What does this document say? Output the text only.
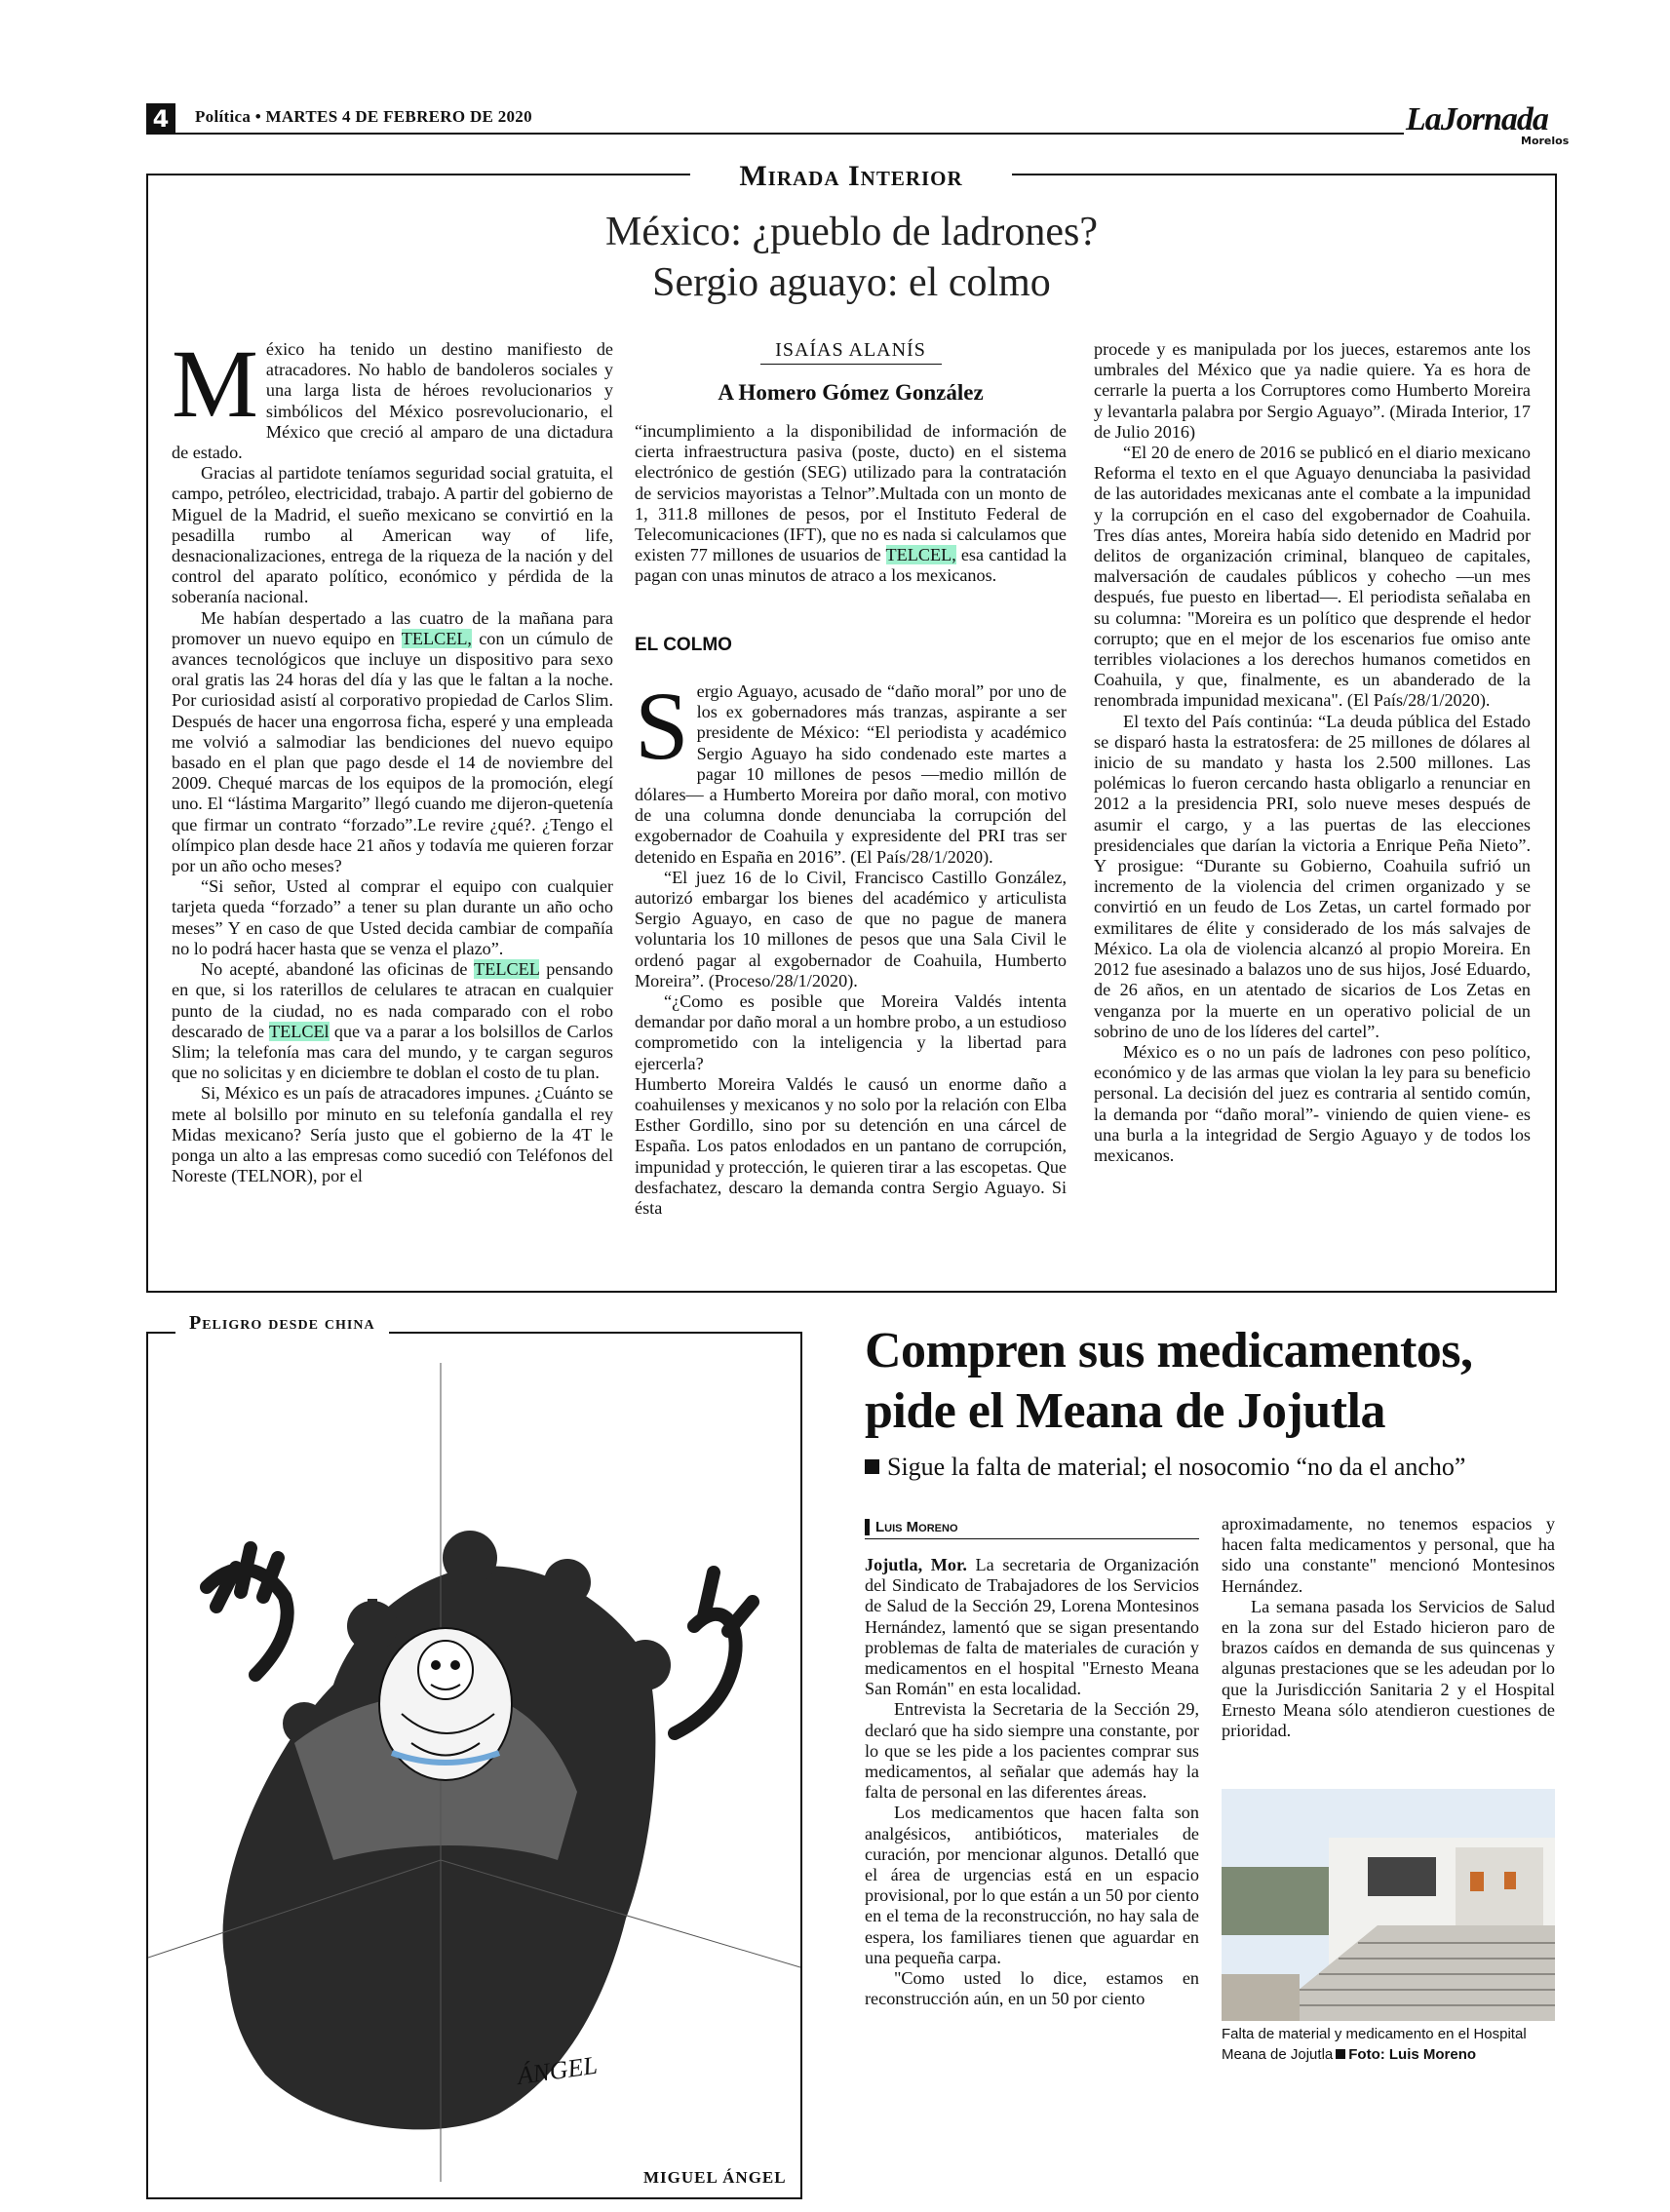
4	Política • MARTES 4 DE FEBRERO DE 2020	LaJornada
Morelos
Mirada Interior
México: ¿pueblo de ladrones?
Sergio aguayo: el colmo

México ha tenido un destino manifiesto de atracadores. No hablo de bandoleros sociales y una larga lista de héroes revolucionarios y simbólicos del México posrevolucionario, el México que creció al amparo de una dictadura de estado.

Gracias al partidote teníamos seguridad social gratuita, el campo, petróleo, electricidad, trabajo. A partir del gobierno de Miguel de la Madrid, el sueño mexicano se convirtió en la pesadilla rumbo al American way of life, desnacionalizaciones, entrega de la riqueza de la nación y del control del aparato político, económico y pérdida de la soberanía nacional.

Me habían despertado a las cuatro de la mañana para promover un nuevo equipo en TELCEL, con un cúmulo de avances tecnológicos que incluye un dispositivo para sexo oral gratis las 24 horas del día y las que le faltan a la noche. Por curiosidad asistí al corporativo propiedad de Carlos Slim. Después de hacer una engorrosa ficha, esperé y una empleada me volvió a salmodiar las bendiciones del nuevo equipo basado en el plan que pago desde el 14 de noviembre del 2009. Chequé marcas de los equipos de la promoción, elegí uno. El “lástima Margarito” llegó cuando me dijeron-quetenía que firmar un contrato “forzado”.Le revire ¿qué?. ¿Tengo el olímpico plan desde hace 21 años y todavía me quieren forzar por un año ocho meses?

“Si señor, Usted al comprar el equipo con cualquier tarjeta queda “forzado” a tener su plan durante un año ocho meses” Y en caso de que Usted decida cambiar de compañía no lo podrá hacer hasta que se venza el plazo”.

No acepté, abandoné las oficinas de TELCEL pensando en que, si los raterillos de celulares te atracan en cualquier punto de la ciudad, no es nada comparado con el robo descarado de TELCEl que va a parar a los bolsillos de Carlos Slim; la telefonía mas cara del mundo, y te cargan seguros que no solicitas y en diciembre te doblan el costo de tu plan.

Si, México es un país de atracadores impunes. ¿Cuánto se mete al bolsillo por minuto en su telefonía gandalla el rey Midas mexicano? Sería justo que el gobierno de la 4T le ponga un alto a las empresas como sucedió con Teléfonos del Noreste (TELNOR), por el

ISAÍAS ALANÍS
A Homero Gómez González

“incumplimiento a la disponibilidad de información de cierta infraestructura pasiva (poste, ducto) en el sistema electrónico de gestión (SEG) utilizado para la contratación de servicios mayoristas a Telnor”.Multada con un monto de 1, 311.8 millones de pesos, por el Instituto Federal de Telecomunicaciones (IFT), que no es nada si calculamos que existen 77 millones de usuarios de TELCEL, esa cantidad la pagan con unas minutos de atraco a los mexicanos.

EL COLMO

Sergio Aguayo, acusado de “daño moral” por uno de los ex gobernadores más tranzas, aspirante a ser presidente de México: “El periodista y académico Sergio Aguayo ha sido condenado este martes a pagar 10 millones de pesos —medio millón de dólares— a Humberto Moreira por daño moral, con motivo de una columna donde denunciaba la corrupción del exgobernador de Coahuila y expresidente del PRI tras ser detenido en España en 2016”. (El País/28/1/2020).

“El juez 16 de lo Civil, Francisco Castillo González, autorizó embargar los bienes del académico y articulista Sergio Aguayo, en caso de que no pague de manera voluntaria los 10 millones de pesos que una Sala Civil le ordenó pagar al exgobernador de Coahuila, Humberto Moreira”. (Proceso/28/1/2020).

“¿Como es posible que Moreira Valdés intenta demandar por daño moral a un hombre probo, a un estudioso comprometido con la inteligencia y la libertad para ejercerla?

Humberto Moreira Valdés le causó un enorme daño a coahuilenses y mexicanos y no solo por la relación con Elba Esther Gordillo, sino por su detención en una cárcel de España. Los patos enlodados en un pantano de corrupción, impunidad y protección, le quieren tirar a las escopetas. Que desfachatez, descaro la demanda contra Sergio Aguayo. Si ésta

procede y es manipulada por los jueces, estaremos ante los umbrales del México que ya nadie quiere. Ya es hora de cerrarle la puerta a los Corruptores como Humberto Moreira y levantarla palabra por Sergio Aguayo”. (Mirada Interior, 17 de Julio 2016)

“El 20 de enero de 2016 se publicó en el diario mexicano Reforma el texto en el que Aguayo denunciaba la pasividad de las autoridades mexicanas ante el combate a la impunidad y la corrupción en el caso del exgobernador de Coahuila. Tres días antes, Moreira había sido detenido en Madrid por delitos de organización criminal, blanqueo de capitales, malversación de caudales públicos y cohecho —un mes después, fue puesto en libertad—. El periodista señalaba en su columna: "Moreira es un político que desprende el hedor corrupto; que en el mejor de los escenarios fue omiso ante terribles violaciones a los derechos humanos cometidos en Coahuila, y que, finalmente, es un abanderado de la renombrada impunidad mexicana". (El País/28/1/2020).

El texto del País continúa: “La deuda pública del Estado se disparó hasta la estratosfera: de 25 millones de dólares al inicio de su mandato y hasta los 2.500 millones. Las polémicas lo fueron cercando hasta obligarlo a renunciar en 2012 a la presidencia PRI, solo nueve meses después de asumir el cargo, y a las puertas de las elecciones presidenciales que darían la victoria a Enrique Peña Nieto”. Y prosigue: “Durante su Gobierno, Coahuila sufrió un incremento de la violencia del crimen organizado y se convirtió en un feudo de Los Zetas, un cartel formado por exmilitares de élite y considerado de los más salvajes de México. La ola de violencia alcanzó al propio Moreira. En 2012 fue asesinado a balazos uno de sus hijos, José Eduardo, de 26 años, en un atentado de sicarios de Los Zetas en venganza por la muerte en un operativo policial de un sobrino de uno de los líderes del cartel”.

México es o no un país de ladrones con peso político, económico y de las armas que violan la ley para su beneficio personal. La decisión del juez es contraria al sentido común, la demanda por “daño moral”- viniendo de quien viene- es una burla a la integridad de Sergio Aguayo y de todos los mexicanos.

ÁNGEL
Peligro desde china
MIGUEL ÁNGEL
Compren sus medicamentos,
pide el Meana de Jojutla
Sigue la falta de material; el nosocomio “no da el ancho”
Luis Moreno

Jojutla, Mor. La secretaria de Organización del Sindicato de Trabajadores de los Servicios de Salud de la Sección 29, Lorena Montesinos Hernández, lamentó que se sigan presentando problemas de falta de materiales de curación y medicamentos en el hospital "Ernesto Meana San Román" en esta localidad.

Entrevista la Secretaria de la Sección 29, declaró que ha sido siempre una constante, por lo que se les pide a los pacientes comprar sus medicamentos, al señalar que además hay la falta de personal en las diferentes áreas.

Los medicamentos que hacen falta son analgésicos, antibióticos, materiales de curación, por mencionar algunos. Detalló que el área de urgencias está en un espacio provisional, por lo que están a un 50 por ciento en el tema de la reconstrucción, no hay sala de espera, los familiares tienen que aguardar en una pequeña carpa.

"Como usted lo dice, estamos en reconstrucción aún, en un 50 por ciento

aproximadamente, no tenemos espacios y hacen falta medicamentos y personal, que ha sido una constante" mencionó Montesinos Hernández.

La semana pasada los Servicios de Salud en la zona sur del Estado hicieron paro de brazos caídos en demanda de sus quincenas y algunas prestaciones que se les adeudan por lo que la Jurisdicción Sanitaria 2 y el Hospital Ernesto Meana sólo atendieron cuestiones de prioridad.

Falta de material y medicamento en el Hospital Meana de Jojutla Foto: Luis Moreno
